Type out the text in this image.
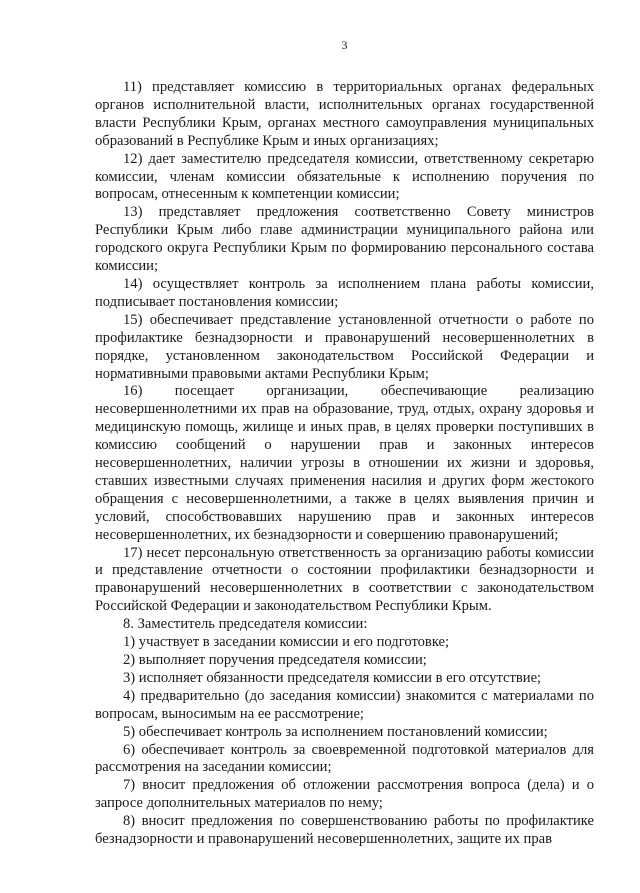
3

11) представляет комиссию в территориальных органах федеральных органов исполнительной власти, исполнительных органах государственной власти Республики Крым, органах местного самоуправления муниципальных образований в Республике Крым и иных организациях;

12) дает заместителю председателя комиссии, ответственному секретарю комиссии, членам комиссии обязательные к исполнению поручения по вопросам, отнесенным к компетенции комиссии;

13) представляет предложения соответственно Совету министров Республики Крым либо главе администрации муниципального района или городского округа Республики Крым по формированию персонального состава комиссии;

14) осуществляет контроль за исполнением плана работы комиссии, подписывает постановления комиссии;

15) обеспечивает представление установленной отчетности о работе по профилактике безнадзорности и правонарушений несовершеннолетних в порядке, установленном законодательством Российской Федерации и нормативными правовыми актами Республики Крым;

16) посещает организации, обеспечивающие реализацию несовершеннолетними их прав на образование, труд, отдых, охрану здоровья и медицинскую помощь, жилище и иных прав, в целях проверки поступивших в комиссию сообщений о нарушении прав и законных интересов несовершеннолетних, наличии угрозы в отношении их жизни и здоровья, ставших известными случаях применения насилия и других форм жестокого обращения с несовершеннолетними, а также в целях выявления причин и условий, способствовавших нарушению прав и законных интересов несовершеннолетних, их безнадзорности и совершению правонарушений;

17) несет персональную ответственность за организацию работы комиссии и представление отчетности о состоянии профилактики безнадзорности и правонарушений несовершеннолетних в соответствии с законодательством Российской Федерации и законодательством Республики Крым.

8. Заместитель председателя комиссии:

1) участвует в заседании комиссии и его подготовке;

2) выполняет поручения председателя комиссии;

3) исполняет обязанности председателя комиссии в его отсутствие;

4) предварительно (до заседания комиссии) знакомится с материалами по вопросам, выносимым на ее рассмотрение;

5) обеспечивает контроль за исполнением постановлений комиссии;

6) обеспечивает контроль за своевременной подготовкой материалов для рассмотрения на заседании комиссии;

7) вносит предложения об отложении рассмотрения вопроса (дела) и о запросе дополнительных материалов по нему;

8) вносит предложения по совершенствованию работы по профилактике безнадзорности и правонарушений несовершеннолетних, защите их прав
